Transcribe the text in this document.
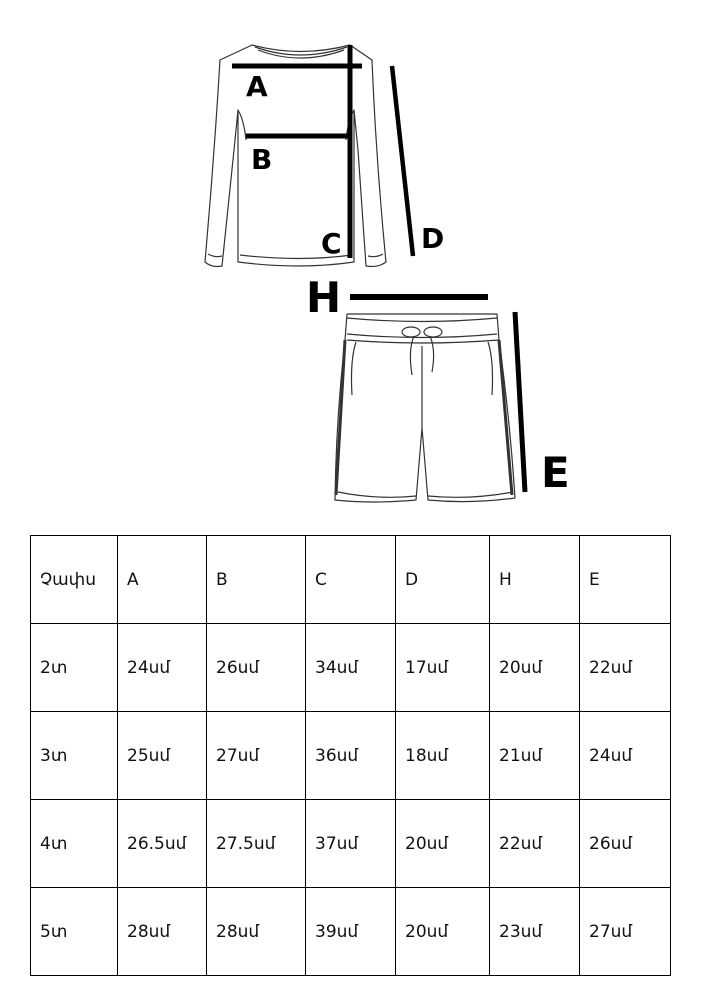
A
B
C	D
H
E
Չափս	A	B	C	D	H	E
2տ	24սմ	26սմ	34սմ	17սմ	20սմ	22սմ
3տ	25սմ	27սմ	36սմ	18սմ	21սմ	24սմ
4տ	26.5սմ	27.5սմ	37սմ	20սմ	22սմ	26սմ
5տ	28սմ	28սմ	39սմ	20սմ	23սմ	27սմ
